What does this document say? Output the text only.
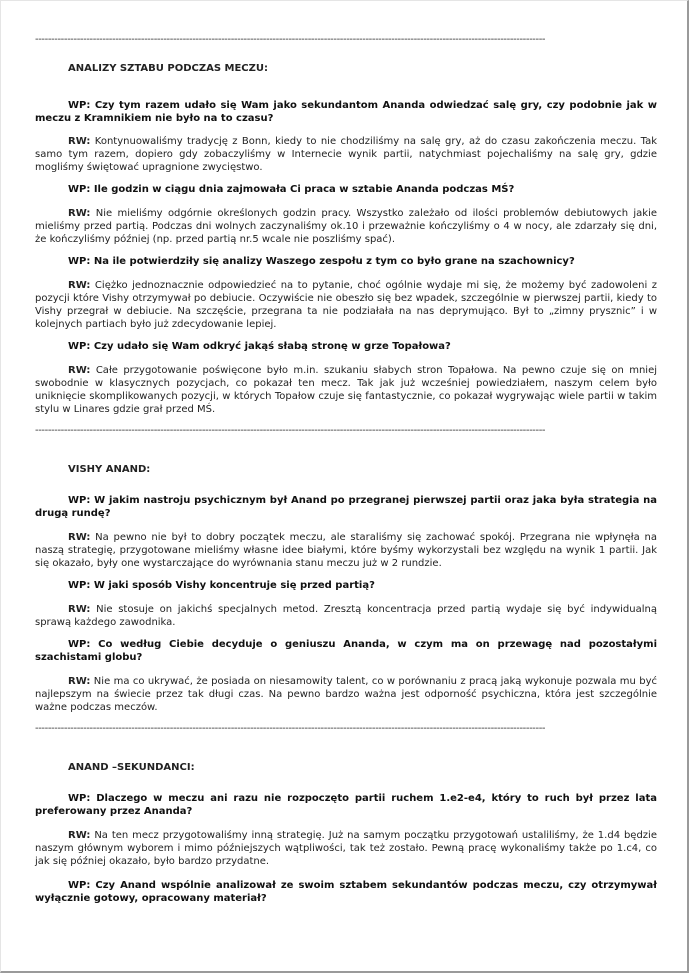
---------------------------------------------------------------------------------------------------------------------------------------------------------------
ANALIZY SZTABU PODCZAS MECZU:

WP: Czy tym razem udało się Wam jako sekundantom Ananda odwiedzać salę gry, czy podobnie jak w meczu z Kramnikiem nie było na to czasu?

RW: Kontynuowaliśmy tradycję z Bonn, kiedy to nie chodziliśmy na salę gry, aż do czasu zakończenia meczu. Tak samo tym razem, dopiero gdy zobaczyliśmy w Internecie wynik partii, natychmiast pojechaliśmy na salę gry, gdzie mogliśmy świętować upragnione zwycięstwo.

WP: Ile godzin w ciągu dnia zajmowała Ci praca w sztabie Ananda podczas MŚ?

RW: Nie mieliśmy odgórnie określonych godzin pracy. Wszystko zależało od ilości problemów debiutowych jakie mieliśmy przed partią. Podczas dni wolnych zaczynaliśmy ok.10 i przeważnie kończyliśmy o 4 w nocy, ale zdarzały się dni, że kończyliśmy później (np. przed partią nr.5 wcale nie poszliśmy spać).

WP: Na ile potwierdziły się analizy Waszego zespołu z tym co było grane na szachownicy?

RW: Ciężko jednoznacznie odpowiedzieć na to pytanie, choć ogólnie wydaje mi się, że możemy być zadowoleni z pozycji które Vishy otrzymywał po debiucie. Oczywiście nie obeszło się bez wpadek, szczególnie w pierwszej partii, kiedy to Vishy przegrał w debiucie. Na szczęście, przegrana ta nie podziałała na nas deprymująco. Był to „zimny prysznic” i w kolejnych partiach było już zdecydowanie lepiej.

WP: Czy udało się Wam odkryć jakąś słabą stronę w grze Topałowa?

RW: Całe przygotowanie poświęcone było m.in. szukaniu słabych stron Topałowa. Na pewno czuje się on mniej swobodnie w klasycznych pozycjach, co pokazał ten mecz. Tak jak już wcześniej powiedziałem, naszym celem było uniknięcie skomplikowanych pozycji, w których Topałow czuje się fantastycznie, co pokazał wygrywając wiele partii w takim stylu w Linares gdzie grał przed MŚ.

---------------------------------------------------------------------------------------------------------------------------------------------------------------
VISHY ANAND:

WP: W jakim nastroju psychicznym był Anand po przegranej pierwszej partii oraz jaka była strategia na drugą rundę?

RW: Na pewno nie był to dobry początek meczu, ale staraliśmy się zachować spokój. Przegrana nie wpłynęła na naszą strategię, przygotowane mieliśmy własne idee białymi, które byśmy wykorzystali bez względu na wynik 1 partii. Jak się okazało, były one wystarczające do wyrównania stanu meczu już w 2 rundzie.

WP: W jaki sposób Vishy koncentruje się przed partią?

RW: Nie stosuje on jakichś specjalnych metod. Zresztą koncentracja przed partią wydaje się być indywidualną sprawą każdego zawodnika.

WP: Co według Ciebie decyduje o geniuszu Ananda, w czym ma on przewagę nad pozostałymi szachistami globu?

RW: Nie ma co ukrywać, że posiada on niesamowity talent, co w porównaniu z pracą jaką wykonuje pozwala mu być najlepszym na świecie przez tak długi czas. Na pewno bardzo ważna jest odporność psychiczna, która jest szczególnie ważne podczas meczów.

---------------------------------------------------------------------------------------------------------------------------------------------------------------
ANAND –SEKUNDANCI:

WP: Dlaczego w meczu ani razu nie rozpoczęto partii ruchem 1.e2-e4, który to ruch był przez lata preferowany przez Ananda?

RW: Na ten mecz przygotowaliśmy inną strategię. Już na samym początku przygotowań ustaliliśmy, że 1.d4 będzie naszym głównym wyborem i mimo późniejszych wątpliwości, tak też zostało. Pewną pracę wykonaliśmy także po 1.c4, co jak się później okazało, było bardzo przydatne.

WP: Czy Anand wspólnie analizował ze swoim sztabem sekundantów podczas meczu, czy otrzymywał wyłącznie gotowy, opracowany materiał?
